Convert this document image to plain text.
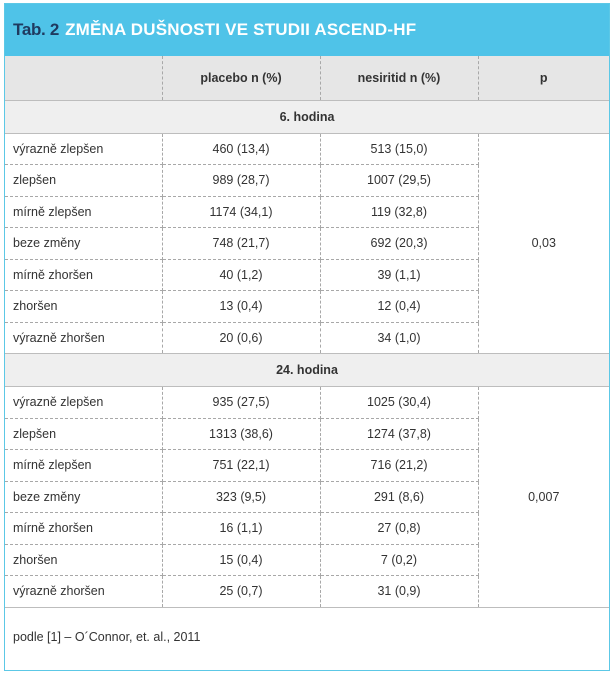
Tab. 2 ZMĚNA DUŠNOSTI VE STUDII ASCEND-HF
	placebo n (%)	nesiritid n (%)	p
6. hodina			
výrazně zlepšen	460 (13,4)	513 (15,0)	0,03
zlepšen	989 (28,7)	1007 (29,5)	
mírně zlepšen	1174 (34,1)	119 (32,8)	
beze změny	748 (21,7)	692 (20,3)	
mírně zhoršen	40 (1,2)	39 (1,1)	
zhoršen	13 (0,4)	12 (0,4)	
výrazně zhoršen	20 (0,6)	34 (1,0)	
24. hodina			
výrazně zlepšen	935 (27,5)	1025 (30,4)	0,007
zlepšen	1313 (38,6)	1274 (37,8)	
mírně zlepšen	751 (22,1)	716 (21,2)	
beze změny	323 (9,5)	291 (8,6)	
mírně zhoršen	16 (1,1)	27 (0,8)	
zhoršen	15 (0,4)	7 (0,2)	
výrazně zhoršen	25 (0,7)	31 (0,9)	
podle [1] – O´Connor, et. al., 2011
